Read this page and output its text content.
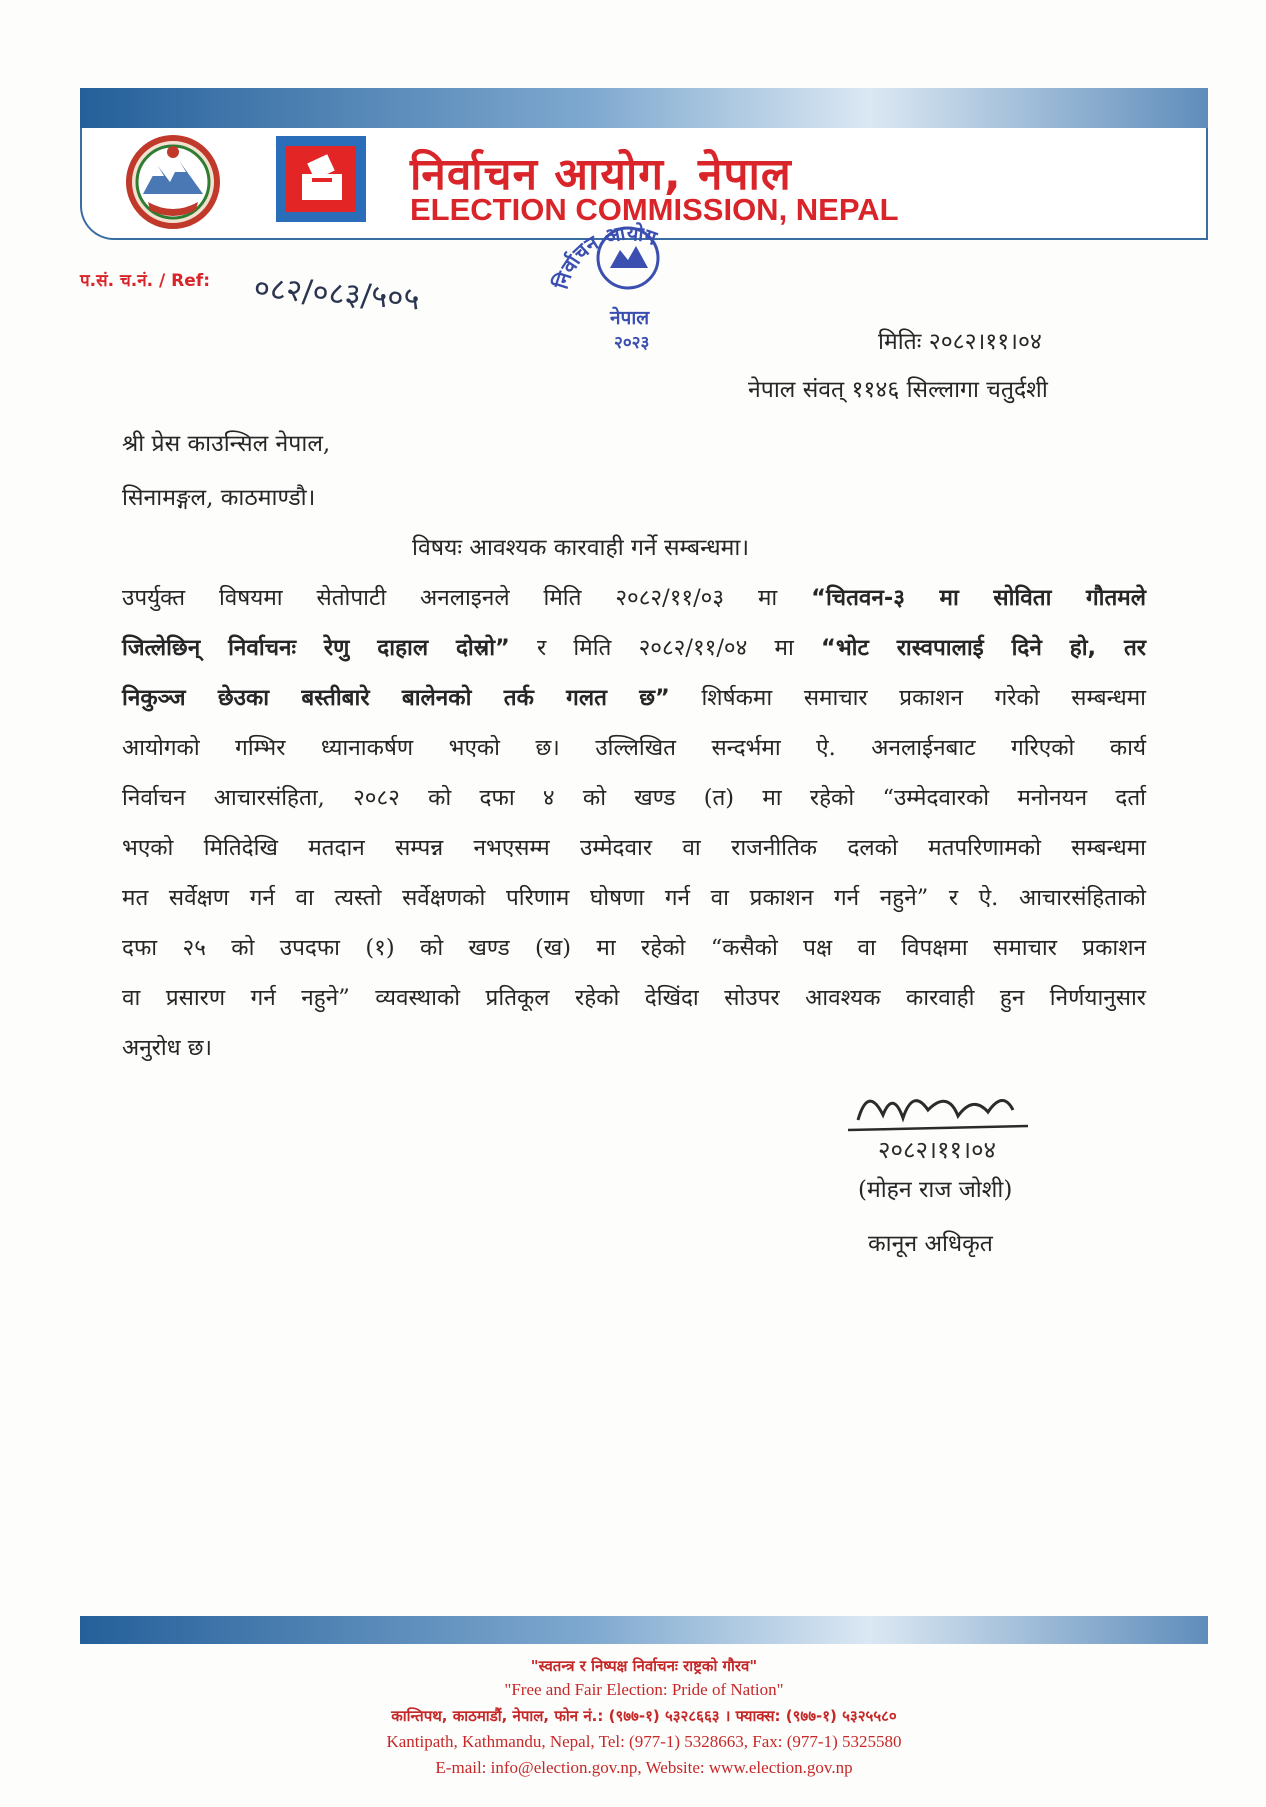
निर्वाचन आयोग, नेपाल
ELECTION COMMISSION, NEPAL
प.सं. च.नं. / Ref: ०८२/०८३/५०५	निर्वाचन आयोग
नेपाल
२०२३	मितिः २०८२।११।०४
नेपाल संवत् ११४६ सिल्लागा चतुर्दशी
श्री प्रेस काउन्सिल नेपाल,
सिनामङ्गल, काठमाण्डौ।
विषयः आवश्यक कारवाही गर्ने सम्बन्धमा।
उपर्युक्त विषयमा सेतोपाटी अनलाइनले मिति २०८२/११/०३ मा “चितवन-३ मा सोविता गौतमले
जित्लेछिन् निर्वाचनः रेणु दाहाल दोस्रो” र मिति २०८२/११/०४ मा “भोट रास्वपालाई दिने हो, तर
निकुञ्ज छेउका बस्तीबारे बालेनको तर्क गलत छ” शिर्षकमा समाचार प्रकाशन गरेको सम्बन्धमा
आयोगको गम्भिर ध्यानाकर्षण भएको छ। उल्लिखित सन्दर्भमा ऐ. अनलाईनबाट गरिएको कार्य
निर्वाचन आचारसंहिता, २०८२ को दफा ४ को खण्ड (त) मा रहेको “उम्मेदवारको मनोनयन दर्ता
भएको मितिदेखि मतदान सम्पन्न नभएसम्म उम्मेदवार वा राजनीतिक दलको मतपरिणामको सम्बन्धमा
मत सर्वेक्षण गर्न वा त्यस्तो सर्वेक्षणको परिणाम घोषणा गर्न वा प्रकाशन गर्न नहुने” र ऐ. आचारसंहिताको
दफा २५ को उपदफा (१) को खण्ड (ख) मा रहेको “कसैको पक्ष वा विपक्षमा समाचार प्रकाशन
वा प्रसारण गर्न नहुने” व्यवस्थाको प्रतिकूल रहेको देखिंदा सोउपर आवश्यक कारवाही हुन निर्णयानुसार
अनुरोध छ।
२०८२।११।०४
(मोहन राज जोशी)
कानून अधिकृत
"स्वतन्त्र र निष्पक्ष निर्वाचनः राष्ट्रको गौरव"
"Free and Fair Election: Pride of Nation"
कान्तिपथ, काठमाडौं, नेपाल, फोन नं.: (९७७-१) ५३२८६६३ । फ्याक्स: (९७७-१) ५३२५५८०
Kantipath, Kathmandu, Nepal, Tel: (977-1) 5328663, Fax: (977-1) 5325580
E-mail: info@election.gov.np, Website: www.election.gov.np
